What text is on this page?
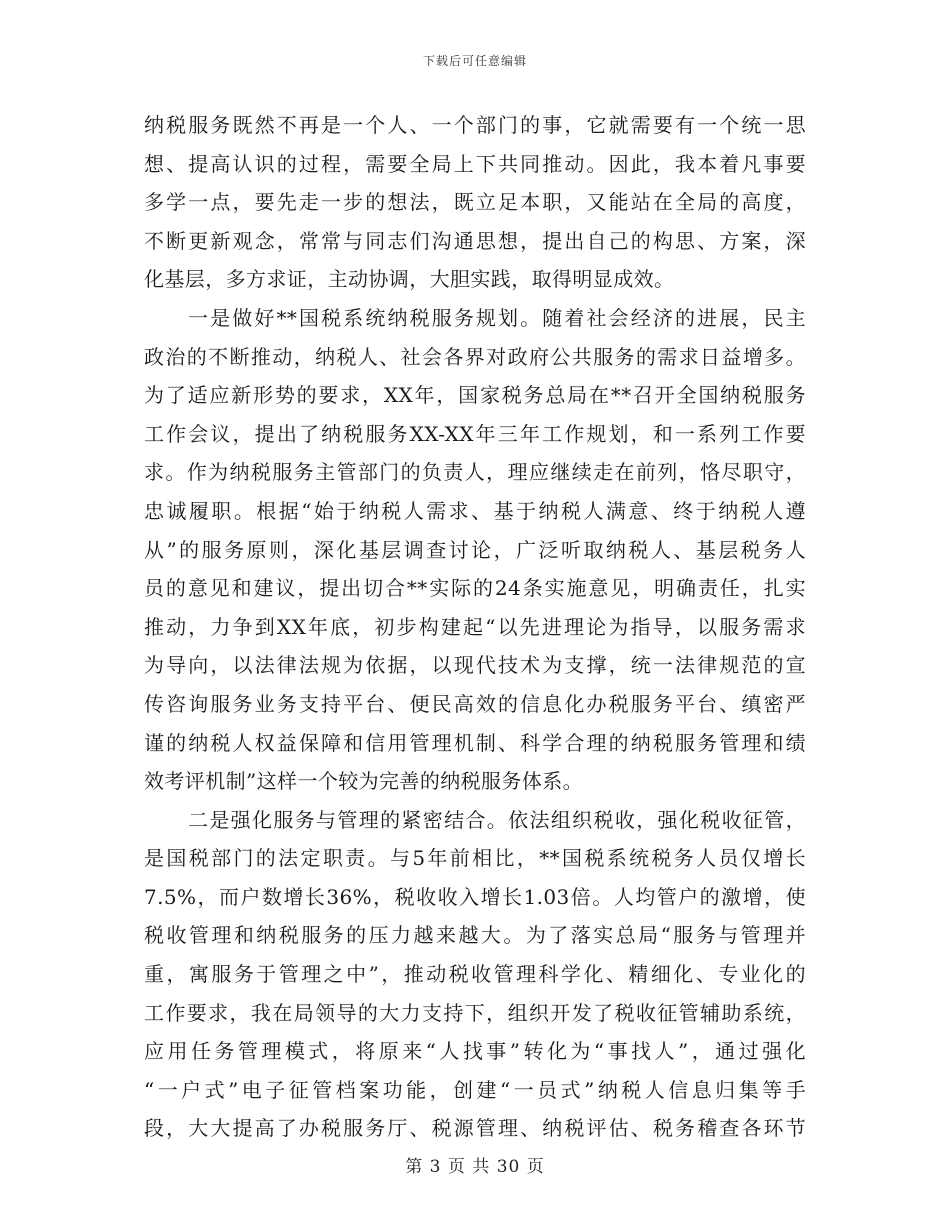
下载后可任意编辑
纳税服务既然不再是一个人、一个部门的事，它就需要有一个统一思
想、提高认识的过程，需要全局上下共同推动。因此，我本着凡事要
多学一点，要先走一步的想法，既立足本职，又能站在全局的高度，
不断更新观念，常常与同志们沟通思想，提出自己的构思、方案，深
化基层，多方求证，主动协调，大胆实践，取得明显成效。
一是做好**国税系统纳税服务规划。随着社会经济的进展，民主
政治的不断推动，纳税人、社会各界对政府公共服务的需求日益增多。
为了适应新形势的要求，XX年，国家税务总局在**召开全国纳税服务
工作会议，提出了纳税服务XX-XX年三年工作规划，和一系列工作要
求。作为纳税服务主管部门的负责人，理应继续走在前列，恪尽职守，
忠诚履职。根据“始于纳税人需求、基于纳税人满意、终于纳税人遵
从”的服务原则，深化基层调查讨论，广泛听取纳税人、基层税务人
员的意见和建议，提出切合**实际的24条实施意见，明确责任，扎实
推动，力争到XX年底，初步构建起“以先进理论为指导，以服务需求
为导向，以法律法规为依据，以现代技术为支撑，统一法律规范的宣
传咨询服务业务支持平台、便民高效的信息化办税服务平台、缜密严
谨的纳税人权益保障和信用管理机制、科学合理的纳税服务管理和绩
效考评机制”这样一个较为完善的纳税服务体系。
二是强化服务与管理的紧密结合。依法组织税收，强化税收征管，
是国税部门的法定职责。与5年前相比，**国税系统税务人员仅增长
7.5%，而户数增长36%，税收收入增长1.03倍。人均管户的激增，使
税收管理和纳税服务的压力越来越大。为了落实总局“服务与管理并
重，寓服务于管理之中”，推动税收管理科学化、精细化、专业化的
工作要求，我在局领导的大力支持下，组织开发了税收征管辅助系统，
应用任务管理模式，将原来“人找事”转化为“事找人”，通过强化
“一户式”电子征管档案功能，创建“一员式”纳税人信息归集等手
段，大大提高了办税服务厅、税源管理、纳税评估、税务稽查各环节
第 3 页 共 30 页
